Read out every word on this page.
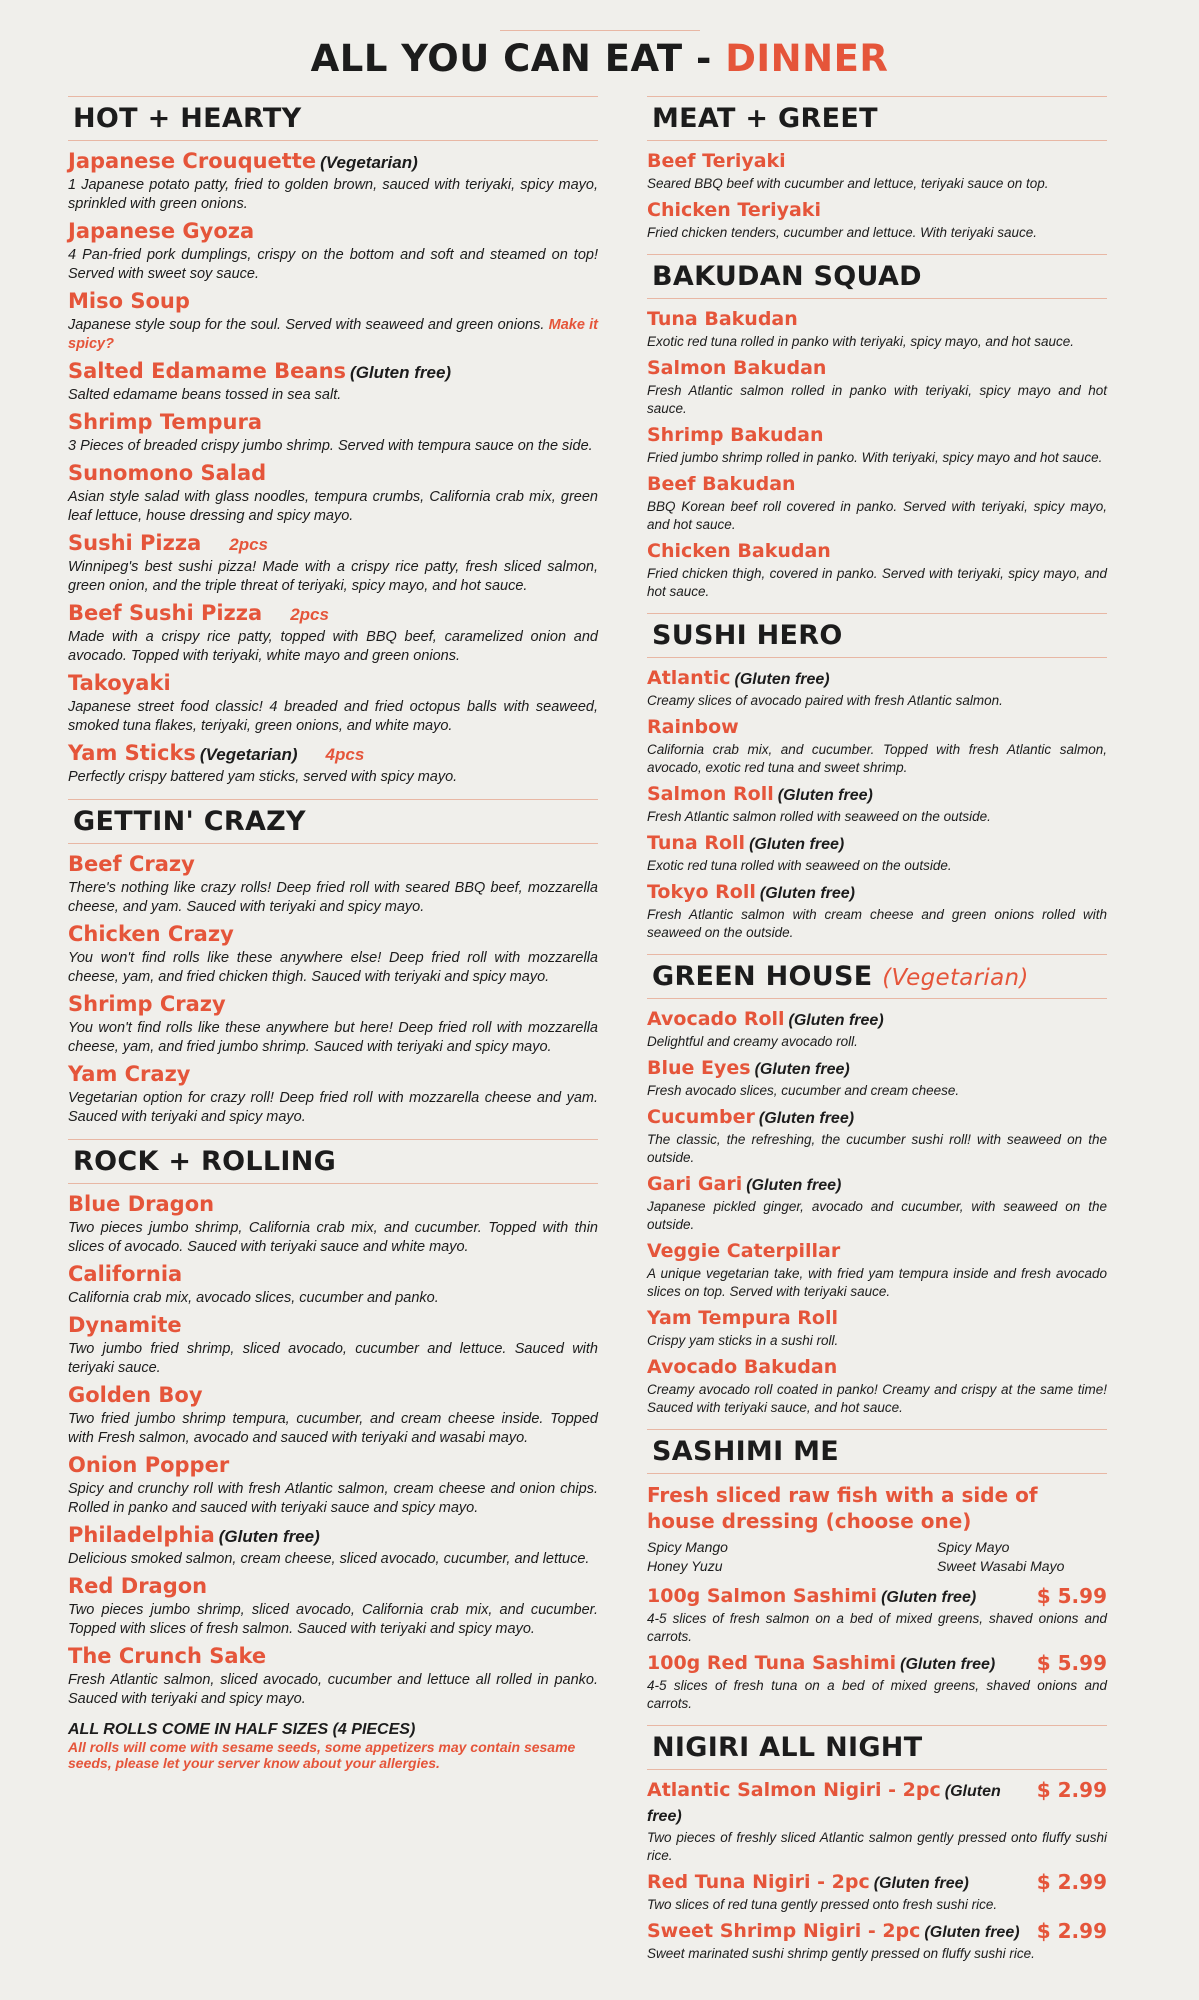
ALL YOU CAN EAT - DINNER
HOT + HEARTY
Japanese Crouquette (Vegetarian)
1 Japanese potato patty, fried to golden brown, sauced with teriyaki, spicy mayo, sprinkled with green onions.
Japanese Gyoza
4 Pan-fried pork dumplings, crispy on the bottom and soft and steamed on top! Served with sweet soy sauce.
Miso Soup
Japanese style soup for the soul. Served with seaweed and green onions. Make it spicy?
Salted Edamame Beans (Gluten free)
Salted edamame beans tossed in sea salt.
Shrimp Tempura
3 Pieces of breaded crispy jumbo shrimp. Served with tempura sauce on the side.
Sunomono Salad
Asian style salad with glass noodles, tempura crumbs, California crab mix, green leaf lettuce, house dressing and spicy mayo.
Sushi Pizza 2pcs
Winnipeg's best sushi pizza! Made with a crispy rice patty, fresh sliced salmon, green onion, and the triple threat of teriyaki, spicy mayo, and hot sauce.
Beef Sushi Pizza 2pcs
Made with a crispy rice patty, topped with BBQ beef, caramelized onion and avocado. Topped with teriyaki, white mayo and green onions.
Takoyaki
Japanese street food classic! 4 breaded and fried octopus balls with seaweed, smoked tuna flakes, teriyaki, green onions, and white mayo.
Yam Sticks (Vegetarian) 4pcs
Perfectly crispy battered yam sticks, served with spicy mayo.
GETTIN' CRAZY
Beef Crazy
There's nothing like crazy rolls! Deep fried roll with seared BBQ beef, mozzarella cheese, and yam. Sauced with teriyaki and spicy mayo.
Chicken Crazy
You won't find rolls like these anywhere else! Deep fried roll with mozzarella cheese, yam, and fried chicken thigh. Sauced with teriyaki and spicy mayo.
Shrimp Crazy
You won't find rolls like these anywhere but here! Deep fried roll with mozzarella cheese, yam, and fried jumbo shrimp. Sauced with teriyaki and spicy mayo.
Yam Crazy
Vegetarian option for crazy roll! Deep fried roll with mozzarella cheese and yam. Sauced with teriyaki and spicy mayo.
ROCK + ROLLING
Blue Dragon
Two pieces jumbo shrimp, California crab mix, and cucumber. Topped with thin slices of avocado. Sauced with teriyaki sauce and white mayo.
California
California crab mix, avocado slices, cucumber and panko.
Dynamite
Two jumbo fried shrimp, sliced avocado, cucumber and lettuce. Sauced with teriyaki sauce.
Golden Boy
Two fried jumbo shrimp tempura, cucumber, and cream cheese inside. Topped with Fresh salmon, avocado and sauced with teriyaki and wasabi mayo.
Onion Popper
Spicy and crunchy roll with fresh Atlantic salmon, cream cheese and onion chips. Rolled in panko and sauced with teriyaki sauce and spicy mayo.
Philadelphia (Gluten free)
Delicious smoked salmon, cream cheese, sliced avocado, cucumber, and lettuce.
Red Dragon
Two pieces jumbo shrimp, sliced avocado, California crab mix, and cucumber. Topped with slices of fresh salmon. Sauced with teriyaki and spicy mayo.
The Crunch Sake
Fresh Atlantic salmon, sliced avocado, cucumber and lettuce all rolled in panko. Sauced with teriyaki and spicy mayo.
ALL ROLLS COME IN HALF SIZES (4 PIECES)
All rolls will come with sesame seeds, some appetizers may contain sesame seeds, please let your server know about your allergies.
MEAT + GREET
Beef Teriyaki
Seared BBQ beef with cucumber and lettuce, teriyaki sauce on top.
Chicken Teriyaki
Fried chicken tenders, cucumber and lettuce. With teriyaki sauce.
BAKUDAN SQUAD
Tuna Bakudan
Exotic red tuna rolled in panko with teriyaki, spicy mayo, and hot sauce.
Salmon Bakudan
Fresh Atlantic salmon rolled in panko with teriyaki, spicy mayo and hot sauce.
Shrimp Bakudan
Fried jumbo shrimp rolled in panko. With teriyaki, spicy mayo and hot sauce.
Beef Bakudan
BBQ Korean beef roll covered in panko. Served with teriyaki, spicy mayo, and hot sauce.
Chicken Bakudan
Fried chicken thigh, covered in panko. Served with teriyaki, spicy mayo, and hot sauce.
SUSHI HERO
Atlantic (Gluten free)
Creamy slices of avocado paired with fresh Atlantic salmon.
Rainbow
California crab mix, and cucumber. Topped with fresh Atlantic salmon, avocado, exotic red tuna and sweet shrimp.
Salmon Roll (Gluten free)
Fresh Atlantic salmon rolled with seaweed on the outside.
Tuna Roll (Gluten free)
Exotic red tuna rolled with seaweed on the outside.
Tokyo Roll (Gluten free)
Fresh Atlantic salmon with cream cheese and green onions rolled with seaweed on the outside.
GREEN HOUSE (Vegetarian)
Avocado Roll (Gluten free)
Delightful and creamy avocado roll.
Blue Eyes (Gluten free)
Fresh avocado slices, cucumber and cream cheese.
Cucumber (Gluten free)
The classic, the refreshing, the cucumber sushi roll! with seaweed on the outside.
Gari Gari (Gluten free)
Japanese pickled ginger, avocado and cucumber, with seaweed on the outside.
Veggie Caterpillar
A unique vegetarian take, with fried yam tempura inside and fresh avocado slices on top. Served with teriyaki sauce.
Yam Tempura Roll
Crispy yam sticks in a sushi roll.
Avocado Bakudan
Creamy avocado roll coated in panko! Creamy and crispy at the same time! Sauced with teriyaki sauce, and hot sauce.
SASHIMI ME
Fresh sliced raw fish with a side of house dressing (choose one)
Spicy Mango	Spicy Mayo
Honey Yuzu	Sweet Wasabi Mayo
$ 5.99
100g Salmon Sashimi (Gluten free)
4-5 slices of fresh salmon on a bed of mixed greens, shaved onions and carrots.
$ 5.99
100g Red Tuna Sashimi (Gluten free)
4-5 slices of fresh tuna on a bed of mixed greens, shaved onions and carrots.
NIGIRI ALL NIGHT
$ 2.99
Atlantic Salmon Nigiri - 2pc (Gluten free)
Two pieces of freshly sliced Atlantic salmon gently pressed onto fluffy sushi rice.
$ 2.99
Red Tuna Nigiri - 2pc (Gluten free)
Two slices of red tuna gently pressed onto fresh sushi rice.
$ 2.99
Sweet Shrimp Nigiri - 2pc (Gluten free)
Sweet marinated sushi shrimp gently pressed on fluffy sushi rice.
